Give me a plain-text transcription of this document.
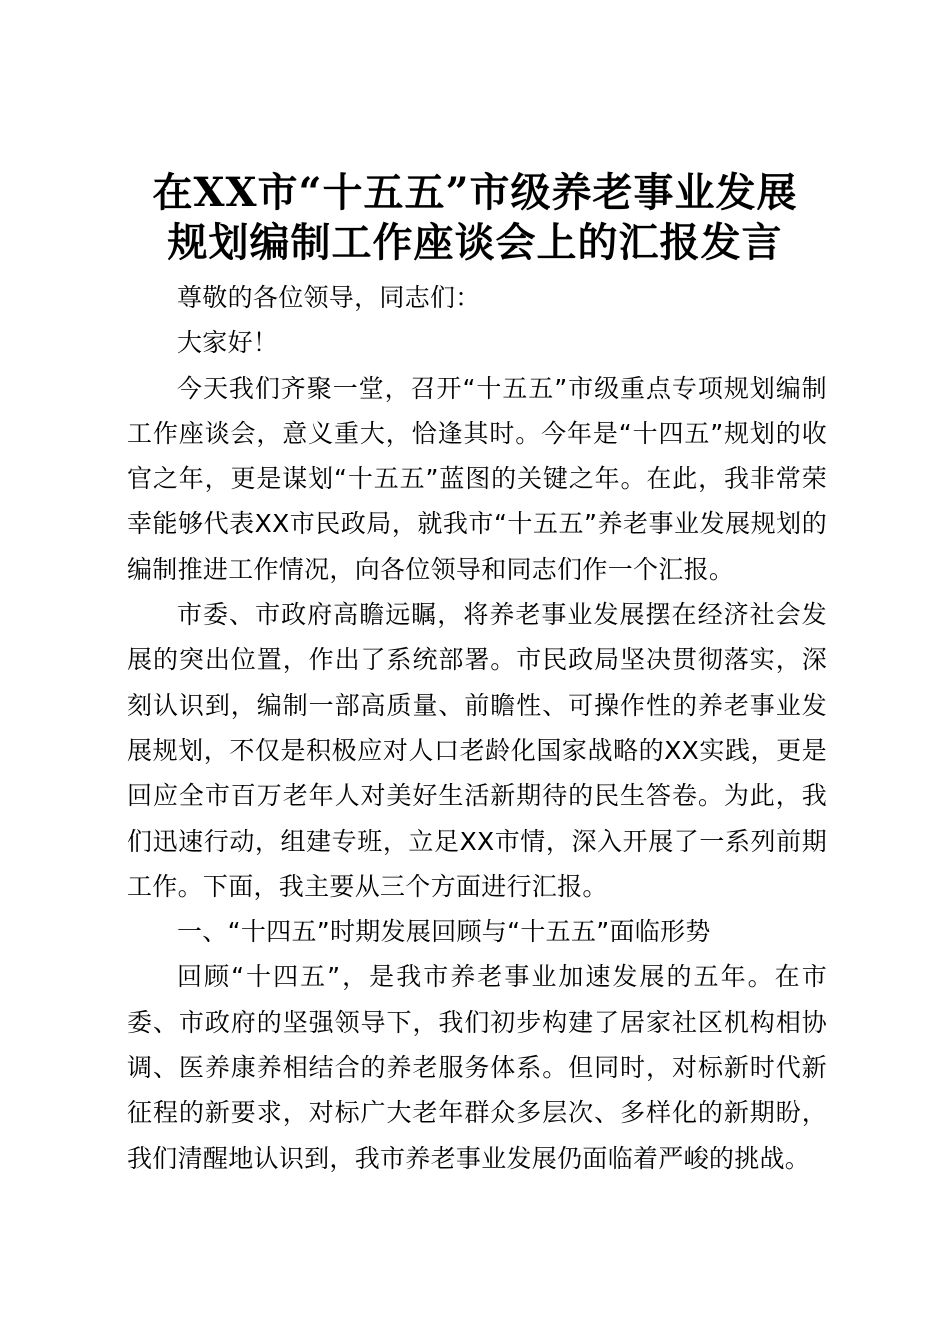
在XX市“十五五”市级养老事业发展
规划编制工作座谈会上的汇报发言

尊敬的各位领导，同志们：

大家好！

今天我们齐聚一堂，召开“十五五”市级重点专项规划编制工作座谈会，意义重大，恰逢其时。今年是“十四五”规划的收官之年，更是谋划“十五五”蓝图的关键之年。在此，我非常荣幸能够代表XX市民政局，就我市“十五五”养老事业发展规划的编制推进工作情况，向各位领导和同志们作一个汇报。

市委、市政府高瞻远瞩，将养老事业发展摆在经济社会发展的突出位置，作出了系统部署。市民政局坚决贯彻落实，深刻认识到，编制一部高质量、前瞻性、可操作性的养老事业发展规划，不仅是积极应对人口老龄化国家战略的XX实践，更是回应全市百万老年人对美好生活新期待的民生答卷。为此，我们迅速行动，组建专班，立足XX市情，深入开展了一系列前期工作。下面，我主要从三个方面进行汇报。

一、“十四五”时期发展回顾与“十五五”面临形势

回顾“十四五”，是我市养老事业加速发展的五年。在市委、市政府的坚强领导下，我们初步构建了居家社区机构相协调、医养康养相结合的养老服务体系。但同时，对标新时代新征程的新要求，对标广大老年群众多层次、多样化的新期盼，我们清醒地认识到，我市养老事业发展仍面临着严峻的挑战。
